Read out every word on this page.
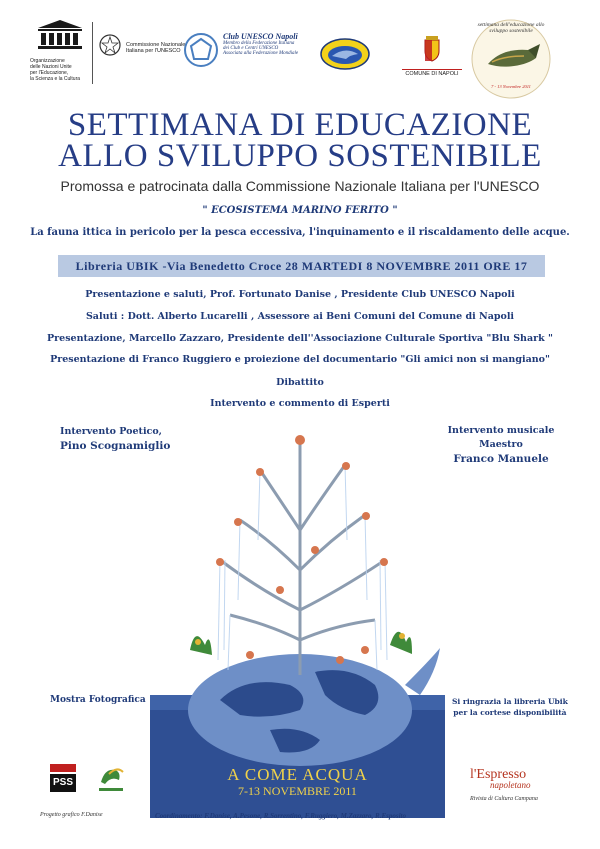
Organizzazione
delle Nazioni Unite
per l'Educazione,
la Scienza e la Cultura
Commissione Nazionale
Italiana per l'UNESCO
Club UNESCO Napoli
Membro della Federazione Italiana
dei Club e Centri UNESCO
Associata alla Federazione Mondiale
COMUNE DI NAPOLI
settimana dell'educazione allo sviluppo sostenibile
7 - 13 Novembre 2011
SETTIMANA DI EDUCAZIONE
ALLO SVILUPPO SOSTENIBILE
Promossa e patrocinata dalla Commissione Nazionale Italiana per l'UNESCO
" ECOSISTEMA MARINO FERITO "
La fauna ittica in pericolo per la pesca eccessiva, l'inquinamento e il riscaldamento delle acque.
Libreria UBIK -Via Benedetto Croce 28 MARTEDI 8 NOVEMBRE 2011 ORE 17
Presentazione e saluti, Prof. Fortunato Danise , Presidente Club UNESCO Napoli
Saluti : Dott. Alberto Lucarelli , Assessore ai Beni Comuni del Comune di Napoli
Presentazione, Marcello Zazzaro, Presidente dell''Associazione Culturale Sportiva "Blu Shark "
Presentazione di Franco Ruggiero e proiezione del documentario "Gli amici non si mangiano"
Dibattito
Intervento e commento di Esperti
Intervento Poetico,
Pino Scognamiglio
Intervento musicale
Maestro
Franco Manuele
A COME ACQUA
7-13 NOVEMBRE 2011
Mostra Fotografica	Si ringrazia la libreria Ubik
per la cortese disponibilità
PSS
l'Espresso
napoletano
Rivista di Cultura Campana
Progetto grafico F.Danise	Coordinamento: F.Danise, A.Pesone, R.Sorrentino, F.Ruggiero, M.Zazzaro, R.Esposito
